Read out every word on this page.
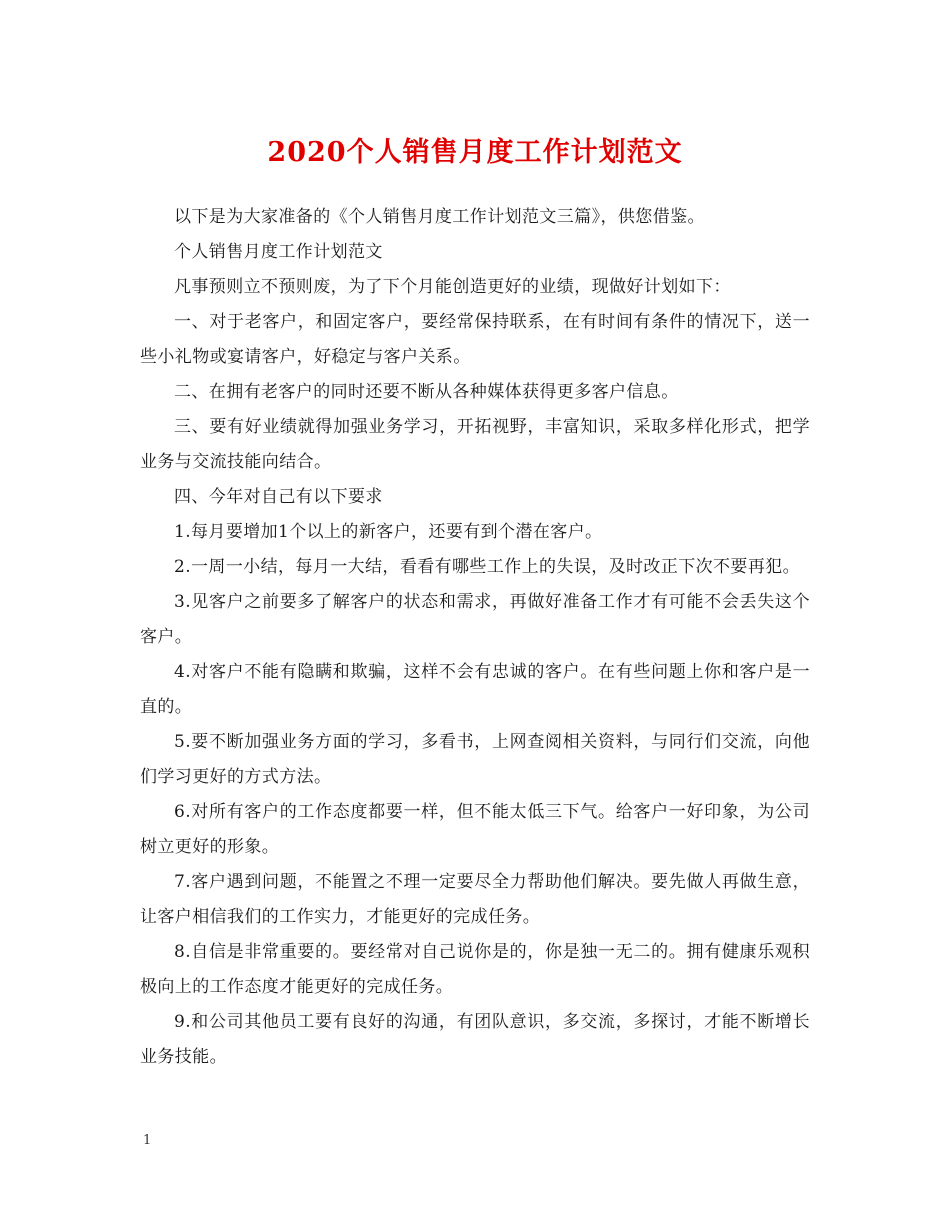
2020个人销售月度工作计划范文

以下是为大家准备的《个人销售月度工作计划范文三篇》，供您借鉴。

个人销售月度工作计划范文

凡事预则立不预则废，为了下个月能创造更好的业绩，现做好计划如下：

一、对于老客户，和固定客户，要经常保持联系，在有时间有条件的情况下，送一些小礼物或宴请客户，好稳定与客户关系。

二、在拥有老客户的同时还要不断从各种媒体获得更多客户信息。

三、要有好业绩就得加强业务学习，开拓视野，丰富知识，采取多样化形式，把学业务与交流技能向结合。

四、今年对自己有以下要求

1.每月要增加1个以上的新客户，还要有到个潜在客户。

2.一周一小结，每月一大结，看看有哪些工作上的失误，及时改正下次不要再犯。

3.见客户之前要多了解客户的状态和需求，再做好准备工作才有可能不会丢失这个客户。

4.对客户不能有隐瞒和欺骗，这样不会有忠诚的客户。在有些问题上你和客户是一直的。

5.要不断加强业务方面的学习，多看书，上网查阅相关资料，与同行们交流，向他们学习更好的方式方法。

6.对所有客户的工作态度都要一样，但不能太低三下气。给客户一好印象，为公司树立更好的形象。

7.客户遇到问题，不能置之不理一定要尽全力帮助他们解决。要先做人再做生意，让客户相信我们的工作实力，才能更好的完成任务。

8.自信是非常重要的。要经常对自己说你是的，你是独一无二的。拥有健康乐观积极向上的工作态度才能更好的完成任务。

9.和公司其他员工要有良好的沟通，有团队意识，多交流，多探讨，才能不断增长业务技能。

1
